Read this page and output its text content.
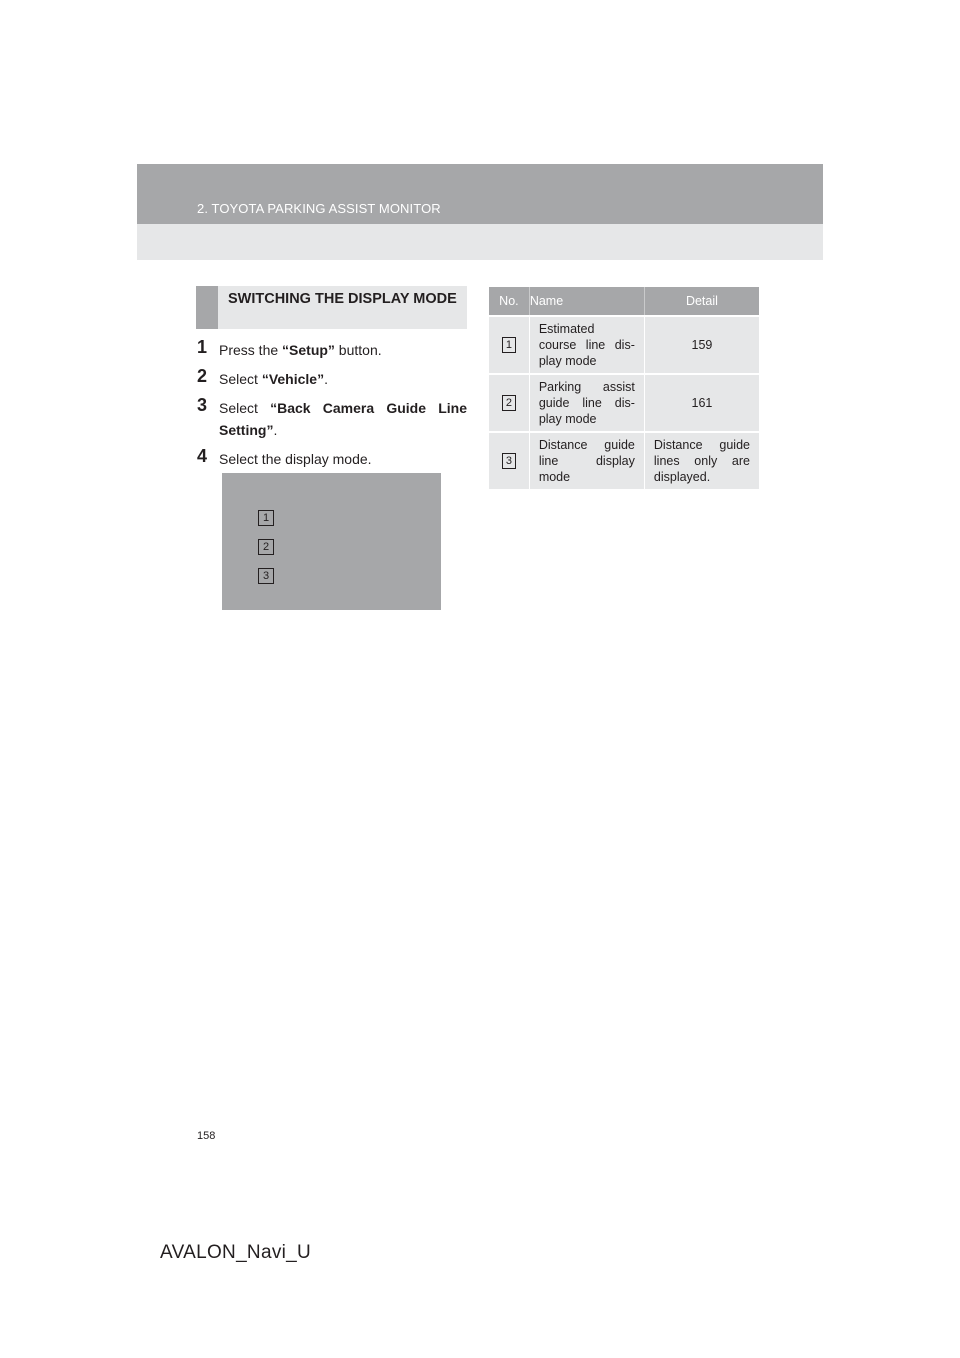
2. TOYOTA PARKING ASSIST MONITOR
SWITCHING THE DISPLAY MODE
1 Press the “Setup” button.
2 Select “Vehicle”.
3 Select “Back Camera Guide Line Setting”.
4 Select the display mode.
1
2
3
No.	Name	Detail
1	Estimated course line dis-play mode	159
2	Parking assist guide line dis-play mode	161
3	Distance guide line display mode	Distance guide lines only are displayed.
158
AVALON_Navi_U
